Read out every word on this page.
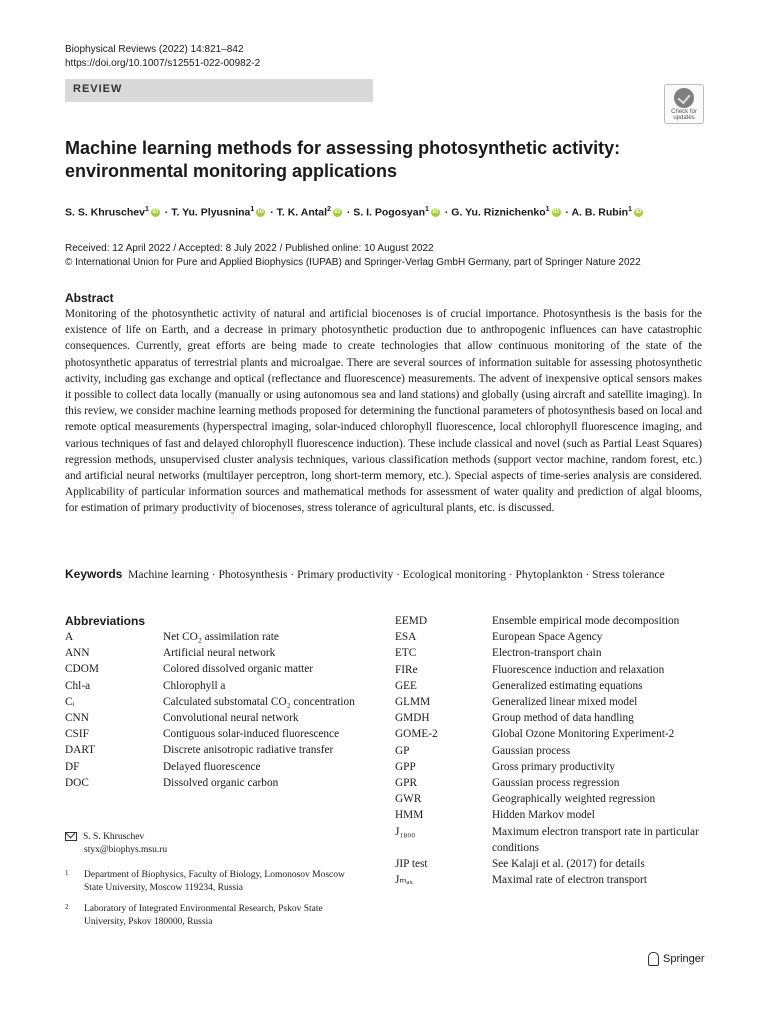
Biophysical Reviews (2022) 14:821–842
https://doi.org/10.1007/s12551-022-00982-2
REVIEW
Check for
updates
Machine learning methods for assessing photosynthetic activity: environmental monitoring applications
S. S. Khruschev$^1$ iD · T. Yu. Plyusnina$^1$ iD · T. K. Antal$^2$ iD · S. I. Pogosyan$^1$ iD · G. Yu. Riznichenko$^1$ iD · A. B. Rubin$^1$ iD
Received: 12 April 2022 / Accepted: 8 July 2022 / Published online: 10 August 2022
© International Union for Pure and Applied Biophysics (IUPAB) and Springer-Verlag GmbH Germany, part of Springer Nature 2022
Abstract
Monitoring of the photosynthetic activity of natural and artificial biocenoses is of crucial importance. Photosynthesis is the basis for the existence of life on Earth, and a decrease in primary photosynthetic production due to anthropogenic influences can have catastrophic consequences. Currently, great efforts are being made to create technologies that allow continuous monitoring of the state of the photosynthetic apparatus of terrestrial plants and microalgae. There are several sources of information suitable for assessing photosynthetic activity, including gas exchange and optical (reflectance and fluorescence) measurements. The advent of inexpensive optical sensors makes it possible to collect data locally (manually or using autonomous sea and land stations) and globally (using aircraft and satellite imaging). In this review, we consider machine learning methods proposed for determining the functional parameters of photosynthesis based on local and remote optical measurements (hyperspectral imaging, solar-induced chlorophyll fluorescence, local chlorophyll fluorescence imaging, and various techniques of fast and delayed chlorophyll fluorescence induction). These include classical and novel (such as Partial Least Squares) regression methods, unsupervised cluster analysis techniques, various classification methods (support vector machine, random forest, etc.) and artificial neural networks (multilayer perceptron, long short-term memory, etc.). Special aspects of time-series analysis are considered. Applicability of particular information sources and mathematical methods for assessment of water quality and prediction of algal blooms, for estimation of primary productivity of biocenoses, stress tolerance of agricultural plants, etc. is discussed.
Keywords Machine learning · Photosynthesis · Primary productivity · Ecological monitoring · Phytoplankton · Stress tolerance
Abbreviations
A	Net CO₂ assimilation rate
ANN	Artificial neural network
CDOM	Colored dissolved organic matter
Chl-a	Chlorophyll a
Cᵢ	Calculated substomatal CO₂ concentration
CNN	Convolutional neural network
CSIF	Contiguous solar-induced fluorescence
DART	Discrete anisotropic radiative transfer
DF	Delayed fluorescence
DOC	Dissolved organic carbon
EEMD	Ensemble empirical mode decomposition
ESA	European Space Agency
ETC	Electron-transport chain
FIRe	Fluorescence induction and relaxation
GEE	Generalized estimating equations
GLMM	Generalized linear mixed model
GMDH	Group method of data handling
GOME-2	Global Ozone Monitoring Experiment-2
GP	Gaussian process
GPP	Gross primary productivity
GPR	Gaussian process regression
GWR	Geographically weighted regression
HMM	Hidden Markov model
J₁₈₀₀	Maximum electron transport rate in particular conditions
JIP test	See Kalaji et al. (2017) for details
Jₘₐₓ	Maximal rate of electron transport
S. S. Khruschev
styx@biophys.msu.ru
1 Department of Biophysics, Faculty of Biology, Lomonosov Moscow State University, Moscow 119234, Russia
2 Laboratory of Integrated Environmental Research, Pskov State University, Pskov 180000, Russia
Springer
